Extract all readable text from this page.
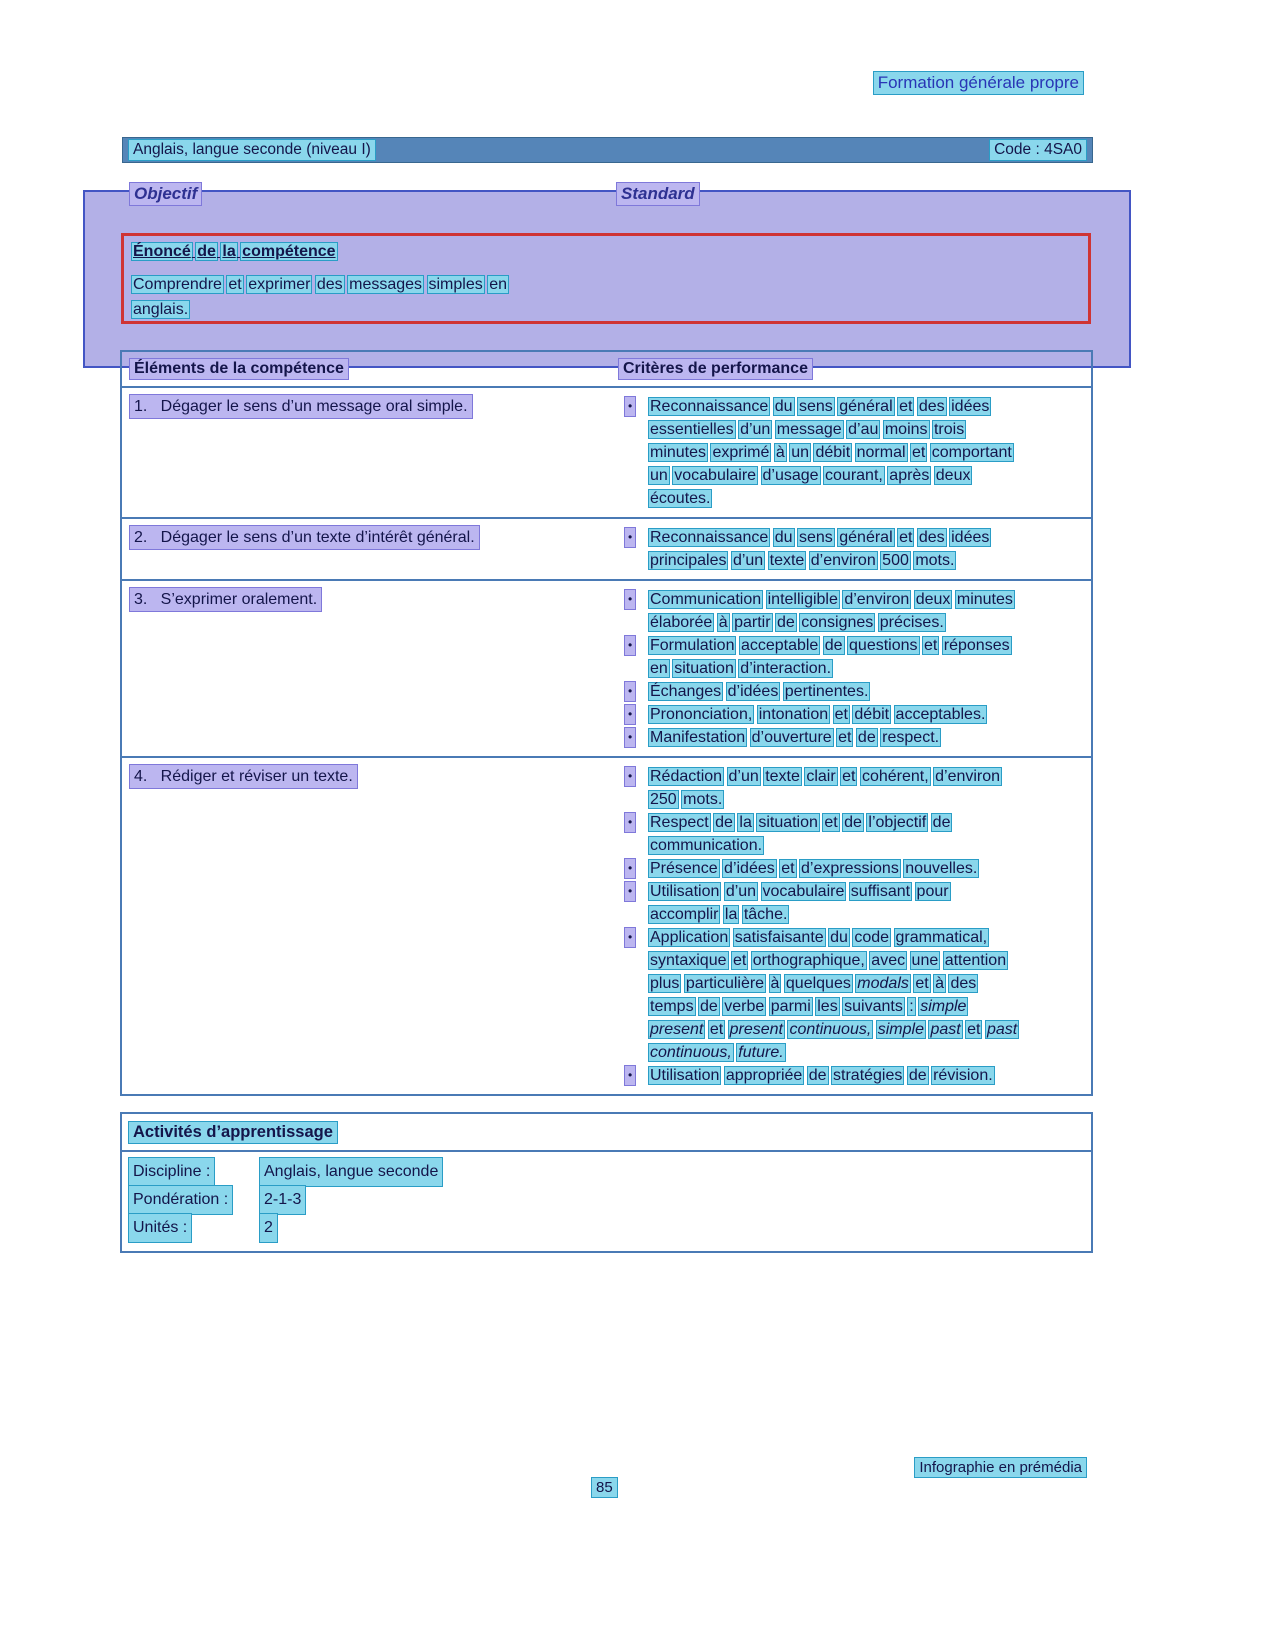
Formation générale propre
Anglais, langue seconde (niveau I)	Code : 4SA0
Objectif	Standard
Énoncé de la compétence
Comprendre et exprimer des messages simples en
anglais.
Éléments de la compétence	Critères de performance
1.   Dégager le sens d’un message oral simple.	•	Reconnaissance du sens général et des idées
essentielles d’un message d’au moins trois
minutes exprimé à un débit normal et comportant
un vocabulaire d’usage courant, après deux
écoutes.
2.   Dégager le sens d’un texte d’intérêt général.	•	Reconnaissance du sens général et des idées
principales d’un texte d’environ 500 mots.
3.   S’exprimer oralement.	•	Communication intelligible d’environ deux minutes
élaborée à partir de consignes précises.
•	Formulation acceptable de questions et réponses
en situation d’interaction.
•	Échanges d’idées pertinentes.
•	Prononciation, intonation et débit acceptables.
•	Manifestation d’ouverture et de respect.
4.   Rédiger et réviser un texte.	•	Rédaction d’un texte clair et cohérent, d’environ
250 mots.
•	Respect de la situation et de l’objectif de
communication.
•	Présence d’idées et d’expressions nouvelles.
•	Utilisation d’un vocabulaire suffisant pour
accomplir la tâche.
•	Application satisfaisante du code grammatical,
syntaxique et orthographique, avec une attention
plus particulière à quelques modals et à des
temps de verbe parmi les suivants : simple
present et present continuous, simple past et past
continuous, future.
•	Utilisation appropriée de stratégies de révision.
Activités d’apprentissage
Discipline :	Anglais, langue seconde
Pondération :	2-1-3
Unités :	2
Infographie en prémédia
85
